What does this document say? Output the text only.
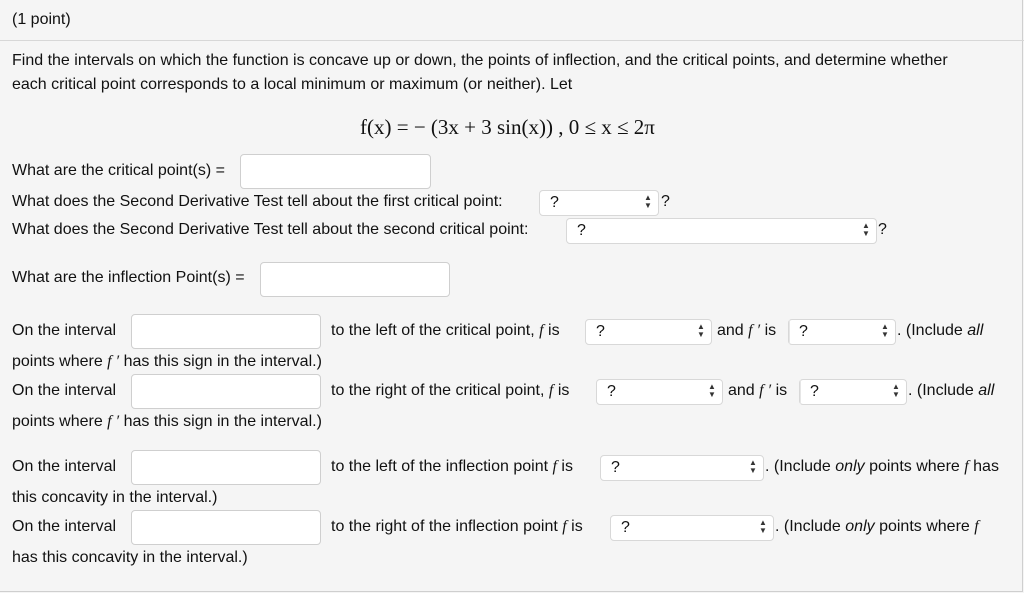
(1 point)
Find the intervals on which the function is concave up or down, the points of inflection, and the critical points, and determine whether
each critical point corresponds to a local minimum or maximum (or neither). Let
f(x) = − (3x + 3 sin(x)) , 0 ≤ x ≤ 2π
What are the critical point(s) =
What does the Second Derivative Test tell about the first critical point:	?	▲
▼ ?
What does the Second Derivative Test tell about the second critical point:	?	▲
▼ ?
What are the inflection Point(s) =
On the interval	to the left of the critical point, f is ?	▲
▼ and f ′ is ?	▲
▼ . (Include all
points where f ′ has this sign in the interval.)
On the interval	to the right of the critical point, f is ?	▲
▼ and f ′ is ?	▲
▼ . (Include all
points where f ′ has this sign in the interval.)
On the interval	to the left of the inflection point f is ?	▲
▼ . (Include only points where f has
this concavity in the interval.)
On the interval	to the right of the inflection point f is ?	▲
▼ . (Include only points where f
has this concavity in the interval.)
